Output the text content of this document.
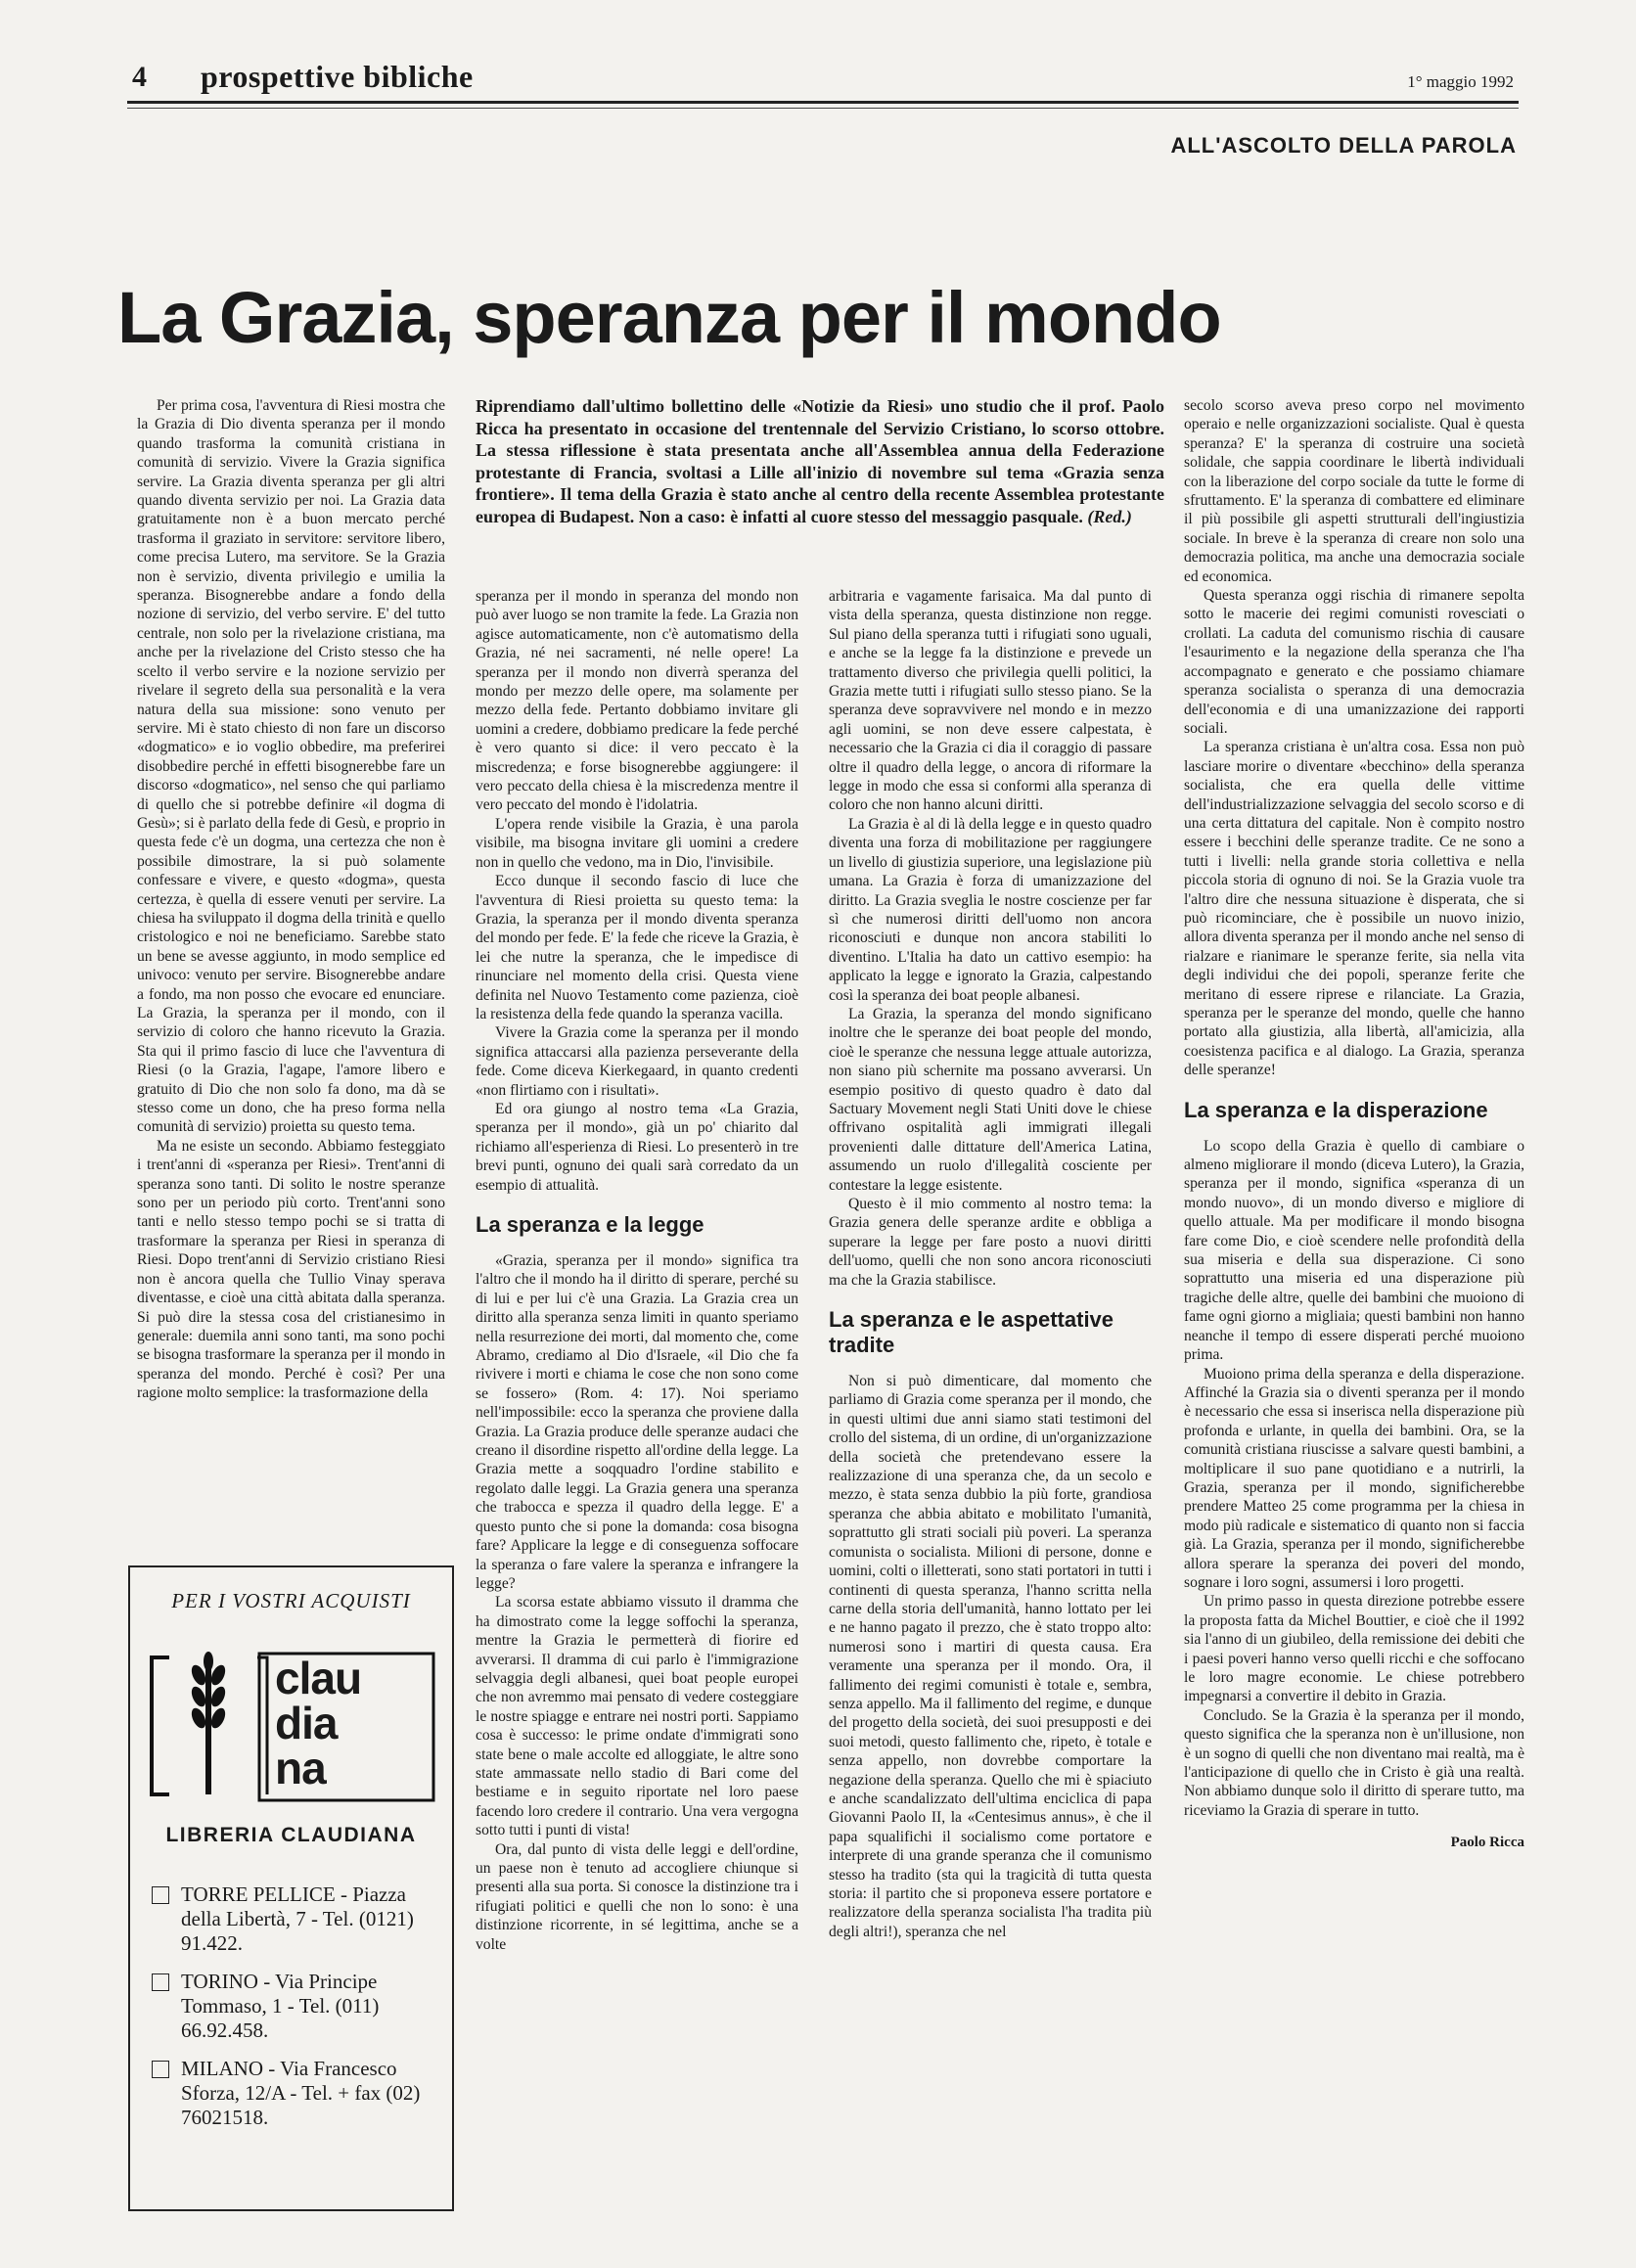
4 prospettive bibliche	1° maggio 1992
ALL'ASCOLTO DELLA PAROLA
La Grazia, speranza per il mondo

Per prima cosa, l'avventura di Riesi mostra che la Grazia di Dio diventa speranza per il mondo quando trasforma la comunità cristiana in comunità di servizio. Vivere la Grazia significa servire. La Grazia diventa speranza per gli altri quando diventa servizio per noi. La Grazia data gratuitamente non è a buon mercato perché trasforma il graziato in servitore: servitore libero, come precisa Lutero, ma servitore. Se la Grazia non è servizio, diventa privilegio e umilia la speranza. Bisognerebbe andare a fondo della nozione di servizio, del verbo servire. E' del tutto centrale, non solo per la rivelazione cristiana, ma anche per la rivelazione del Cristo stesso che ha scelto il verbo servire e la nozione servizio per rivelare il segreto della sua personalità e la vera natura della sua missione: sono venuto per servire. Mi è stato chiesto di non fare un discorso «dogmatico» e io voglio obbedire, ma preferirei disobbedire perché in effetti bisognerebbe fare un discorso «dogmatico», nel senso che qui parliamo di quello che si potrebbe definire «il dogma di Gesù»; si è parlato della fede di Gesù, e proprio in questa fede c'è un dogma, una certezza che non è possibile dimostrare, la si può solamente confessare e vivere, e questo «dogma», questa certezza, è quella di essere venuti per servire. La chiesa ha sviluppato il dogma della trinità e quello cristologico e noi ne beneficiamo. Sarebbe stato un bene se avesse aggiunto, in modo semplice ed univoco: venuto per servire. Bisognerebbe andare a fondo, ma non posso che evocare ed enunciare. La Grazia, la speranza per il mondo, con il servizio di coloro che hanno ricevuto la Grazia. Sta qui il primo fascio di luce che l'avventura di Riesi (o la Grazia, l'agape, l'amore libero e gratuito di Dio che non solo fa dono, ma dà se stesso come un dono, che ha preso forma nella comunità di servizio) proietta su questo tema.

Ma ne esiste un secondo. Abbiamo festeggiato i trent'anni di «speranza per Riesi». Trent'anni di speranza sono tanti. Di solito le nostre speranze sono per un periodo più corto. Trent'anni sono tanti e nello stesso tempo pochi se si tratta di trasformare la speranza per Riesi in speranza di Riesi. Dopo trent'anni di Servizio cristiano Riesi non è ancora quella che Tullio Vinay sperava diventasse, e cioè una città abitata dalla speranza. Si può dire la stessa cosa del cristianesimo in generale: duemila anni sono tanti, ma sono pochi se bisogna trasformare la speranza per il mondo in speranza del mondo. Perché è così? Per una ragione molto semplice: la trasformazione della

Riprendiamo dall'ultimo bollettino delle «Notizie da Riesi» uno studio che il prof. Paolo Ricca ha presentato in occasione del trentennale del Servizio Cristiano, lo scorso ottobre. La stessa riflessione è stata presentata anche all'Assemblea annua della Federazione protestante di Francia, svoltasi a Lille all'inizio di novembre sul tema «Grazia senza frontiere». Il tema della Grazia è stato anche al centro della recente Assemblea protestante europea di Budapest. Non a caso: è infatti al cuore stesso del messaggio pasquale. (Red.)

speranza per il mondo in speranza del mondo non può aver luogo se non tramite la fede. La Grazia non agisce automaticamente, non c'è automatismo della Grazia, né nei sacramenti, né nelle opere! La speranza per il mondo non diverrà speranza del mondo per mezzo delle opere, ma solamente per mezzo della fede. Pertanto dobbiamo invitare gli uomini a credere, dobbiamo predicare la fede perché è vero quanto si dice: il vero peccato è la miscredenza; e forse bisognerebbe aggiungere: il vero peccato della chiesa è la miscredenza mentre il vero peccato del mondo è l'idolatria.

L'opera rende visibile la Grazia, è una parola visibile, ma bisogna invitare gli uomini a credere non in quello che vedono, ma in Dio, l'invisibile.

Ecco dunque il secondo fascio di luce che l'avventura di Riesi proietta su questo tema: la Grazia, la speranza per il mondo diventa speranza del mondo per fede. E' la fede che riceve la Grazia, è lei che nutre la speranza, che le impedisce di rinunciare nel momento della crisi. Questa viene definita nel Nuovo Testamento come pazienza, cioè la resistenza della fede quando la speranza vacilla.

Vivere la Grazia come la speranza per il mondo significa attaccarsi alla pazienza perseverante della fede. Come diceva Kierkegaard, in quanto credenti «non flirtiamo con i risultati».

Ed ora giungo al nostro tema «La Grazia, speranza per il mondo», già un po' chiarito dal richiamo all'esperienza di Riesi. Lo presenterò in tre brevi punti, ognuno dei quali sarà corredato da un esempio di attualità.

La speranza e la legge

«Grazia, speranza per il mondo» significa tra l'altro che il mondo ha il diritto di sperare, perché su di lui e per lui c'è una Grazia. La Grazia crea un diritto alla speranza senza limiti in quanto speriamo nella resurrezione dei morti, dal momento che, come Abramo, crediamo al Dio d'Israele, «il Dio che fa rivivere i morti e chiama le cose che non sono come se fossero» (Rom. 4: 17). Noi speriamo nell'impossibile: ecco la speranza che proviene dalla Grazia. La Grazia produce delle speranze audaci che creano il disordine rispetto all'ordine della legge. La Grazia mette a soqquadro l'ordine stabilito e regolato dalle leggi. La Grazia genera una speranza che trabocca e spezza il quadro della legge. E' a questo punto che si pone la domanda: cosa bisogna fare? Applicare la legge e di conseguenza soffocare la speranza o fare valere la speranza e infrangere la legge?

La scorsa estate abbiamo vissuto il dramma che ha dimostrato come la legge soffochi la speranza, mentre la Grazia le permetterà di fiorire ed avverarsi. Il dramma di cui parlo è l'immigrazione selvaggia degli albanesi, quei boat people europei che non avremmo mai pensato di vedere costeggiare le nostre spiagge e entrare nei nostri porti. Sappiamo cosa è successo: le prime ondate d'immigrati sono state bene o male accolte ed alloggiate, le altre sono state ammassate nello stadio di Bari come del bestiame e in seguito riportate nel loro paese facendo loro credere il contrario. Una vera vergogna sotto tutti i punti di vista!

Ora, dal punto di vista delle leggi e dell'ordine, un paese non è tenuto ad accogliere chiunque si presenti alla sua porta. Si conosce la distinzione tra i rifugiati politici e quelli che non lo sono: è una distinzione ricorrente, in sé legittima, anche se a volte

arbitraria e vagamente farisaica. Ma dal punto di vista della speranza, questa distinzione non regge. Sul piano della speranza tutti i rifugiati sono uguali, e anche se la legge fa la distinzione e prevede un trattamento diverso che privilegia quelli politici, la Grazia mette tutti i rifugiati sullo stesso piano. Se la speranza deve sopravvivere nel mondo e in mezzo agli uomini, se non deve essere calpestata, è necessario che la Grazia ci dia il coraggio di passare oltre il quadro della legge, o ancora di riformare la legge in modo che essa si conformi alla speranza di coloro che non hanno alcuni diritti.

La Grazia è al di là della legge e in questo quadro diventa una forza di mobilitazione per raggiungere un livello di giustizia superiore, una legislazione più umana. La Grazia è forza di umanizzazione del diritto. La Grazia sveglia le nostre coscienze per far sì che numerosi diritti dell'uomo non ancora riconosciuti e dunque non ancora stabiliti lo diventino. L'Italia ha dato un cattivo esempio: ha applicato la legge e ignorato la Grazia, calpestando così la speranza dei boat people albanesi.

La Grazia, la speranza del mondo significano inoltre che le speranze dei boat people del mondo, cioè le speranze che nessuna legge attuale autorizza, non siano più schernite ma possano avverarsi. Un esempio positivo di questo quadro è dato dal Sactuary Movement negli Stati Uniti dove le chiese offrivano ospitalità agli immigrati illegali provenienti dalle dittature dell'America Latina, assumendo un ruolo d'illegalità cosciente per contestare la legge esistente.

Questo è il mio commento al nostro tema: la Grazia genera delle speranze ardite e obbliga a superare la legge per fare posto a nuovi diritti dell'uomo, quelli che non sono ancora riconosciuti ma che la Grazia stabilisce.

La speranza e le aspettative tradite

Non si può dimenticare, dal momento che parliamo di Grazia come speranza per il mondo, che in questi ultimi due anni siamo stati testimoni del crollo del sistema, di un ordine, di un'organizzazione della società che pretendevano essere la realizzazione di una speranza che, da un secolo e mezzo, è stata senza dubbio la più forte, grandiosa speranza che abbia abitato e mobilitato l'umanità, soprattutto gli strati sociali più poveri. La speranza comunista o socialista. Milioni di persone, donne e uomini, colti o illetterati, sono stati portatori in tutti i continenti di questa speranza, l'hanno scritta nella carne della storia dell'umanità, hanno lottato per lei e ne hanno pagato il prezzo, che è stato troppo alto: numerosi sono i martiri di questa causa. Era veramente una speranza per il mondo. Ora, il fallimento dei regimi comunisti è totale e, sembra, senza appello. Ma il fallimento del regime, e dunque del progetto della società, dei suoi presupposti e dei suoi metodi, questo fallimento che, ripeto, è totale e senza appello, non dovrebbe comportare la negazione della speranza. Quello che mi è spiaciuto e anche scandalizzato dell'ultima enciclica di papa Giovanni Paolo II, la «Centesimus annus», è che il papa squalifichi il socialismo come portatore e interprete di una grande speranza che il comunismo stesso ha tradito (sta qui la tragicità di tutta questa storia: il partito che si proponeva essere portatore e realizzatore della speranza socialista l'ha tradita più degli altri!), speranza che nel

secolo scorso aveva preso corpo nel movimento operaio e nelle organizzazioni socialiste. Qual è questa speranza? E' la speranza di costruire una società solidale, che sappia coordinare le libertà individuali con la liberazione del corpo sociale da tutte le forme di sfruttamento. E' la speranza di combattere ed eliminare il più possibile gli aspetti strutturali dell'ingiustizia sociale. In breve è la speranza di creare non solo una democrazia politica, ma anche una democrazia sociale ed economica.

Questa speranza oggi rischia di rimanere sepolta sotto le macerie dei regimi comunisti rovesciati o crollati. La caduta del comunismo rischia di causare l'esaurimento e la negazione della speranza che l'ha accompagnato e generato e che possiamo chiamare speranza socialista o speranza di una democrazia dell'economia e di una umanizzazione dei rapporti sociali.

La speranza cristiana è un'altra cosa. Essa non può lasciare morire o diventare «becchino» della speranza socialista, che era quella delle vittime dell'industrializzazione selvaggia del secolo scorso e di una certa dittatura del capitale. Non è compito nostro essere i becchini delle speranze tradite. Ce ne sono a tutti i livelli: nella grande storia collettiva e nella piccola storia di ognuno di noi. Se la Grazia vuole tra l'altro dire che nessuna situazione è disperata, che si può ricominciare, che è possibile un nuovo inizio, allora diventa speranza per il mondo anche nel senso di rialzare e rianimare le speranze ferite, sia nella vita degli individui che dei popoli, speranze ferite che meritano di essere riprese e rilanciate. La Grazia, speranza per le speranze del mondo, quelle che hanno portato alla giustizia, alla libertà, all'amicizia, alla coesistenza pacifica e al dialogo. La Grazia, speranza delle speranze!

La speranza e la disperazione

Lo scopo della Grazia è quello di cambiare o almeno migliorare il mondo (diceva Lutero), la Grazia, speranza per il mondo, significa «speranza di un mondo nuovo», di un mondo diverso e migliore di quello attuale. Ma per modificare il mondo bisogna fare come Dio, e cioè scendere nelle profondità della sua miseria e della sua disperazione. Ci sono soprattutto una miseria ed una disperazione più tragiche delle altre, quelle dei bambini che muoiono di fame ogni giorno a migliaia; questi bambini non hanno neanche il tempo di essere disperati perché muoiono prima.

Muoiono prima della speranza e della disperazione. Affinché la Grazia sia o diventi speranza per il mondo è necessario che essa si inserisca nella disperazione più profonda e urlante, in quella dei bambini. Ora, se la comunità cristiana riuscisse a salvare questi bambini, a moltiplicare il suo pane quotidiano e a nutrirli, la Grazia, speranza per il mondo, significherebbe prendere Matteo 25 come programma per la chiesa in modo più radicale e sistematico di quanto non si faccia già. La Grazia, speranza per il mondo, significherebbe allora sperare la speranza dei poveri del mondo, sognare i loro sogni, assumersi i loro progetti.

Un primo passo in questa direzione potrebbe essere la proposta fatta da Michel Bouttier, e cioè che il 1992 sia l'anno di un giubileo, della remissione dei debiti che i paesi poveri hanno verso quelli ricchi e che soffocano le loro magre economie. Le chiese potrebbero impegnarsi a convertire il debito in Grazia.

Concludo. Se la Grazia è la speranza per il mondo, questo significa che la speranza non è un'illusione, non è un sogno di quelli che non diventano mai realtà, ma è l'anticipazione di quello che in Cristo è già una realtà. Non abbiamo dunque solo il diritto di sperare tutto, ma riceviamo la Grazia di sperare in tutto.

Paolo Ricca
PER I VOSTRI ACQUISTI
clau
dia
na
LIBRERIA CLAUDIANA
TORRE PELLICE - Piazza della Libertà, 7 - Tel. (0121) 91.422.
TORINO - Via Principe Tommaso, 1 - Tel. (011) 66.92.458.
MILANO - Via Francesco Sforza, 12/A - Tel. + fax (02) 76021518.
